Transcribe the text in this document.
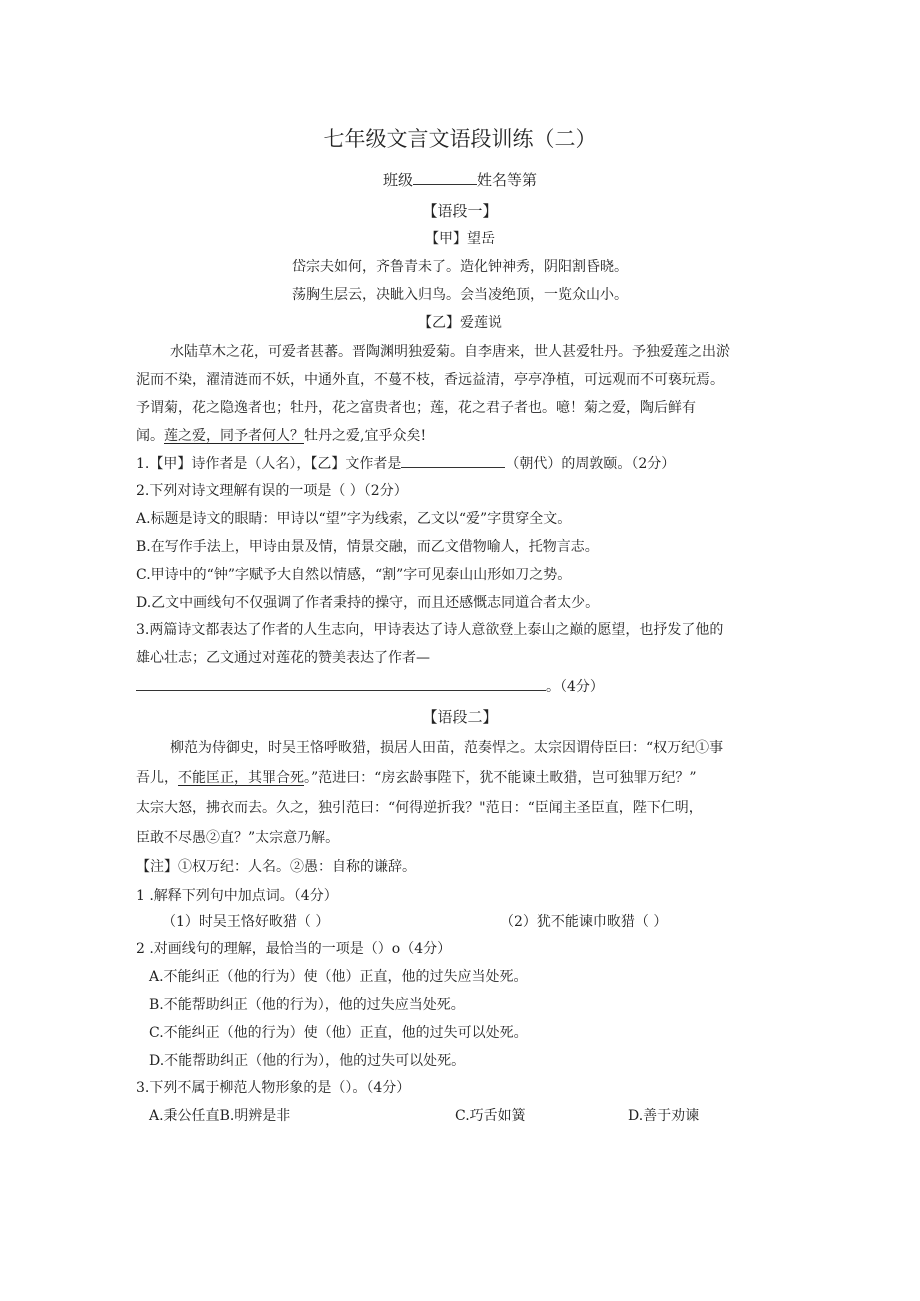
七年级文言文语段训练（二）
班级	姓名等第
【语段一】
【甲】望岳
岱宗夫如何，齐鲁青未了。造化钟神秀，阴阳割昏晓。
荡胸生层云，决眦入归鸟。会当凌绝顶，一览众山小。
【乙】爱莲说
水陆草木之花，可爱者甚蕃。晋陶渊明独爱菊。自李唐来，世人甚爱牡丹。予独爱莲之出淤
泥而不染，濯清涟而不妖，中通外直，不蔓不枝，香远益清，亭亭净植，可远观而不可亵玩焉。
予谓菊，花之隐逸者也；牡丹，花之富贵者也；莲，花之君子者也。噫！菊之爱，陶后鲜有
闻。莲之爱，同予者何人？牡丹之爱,宜乎众矣!
1.【甲】诗作者是（人名），【乙】文作者是	（朝代）的周敦颐。（2分）
2.下列对诗文理解有误的一项是（ ）（2分）
A.标题是诗文的眼睛：甲诗以“望”字为线索，乙文以“爱”字贯穿全文。
B.在写作手法上，甲诗由景及情，情景交融，而乙文借物喻人，托物言志。
C.甲诗中的“钟”字赋予大自然以情感，“割”字可见泰山山形如刀之势。
D.乙文中画线句不仅强调了作者秉持的操守，而且还感慨志同道合者太少。
3.两篇诗文都表达了作者的人生志向，甲诗表达了诗人意欲登上泰山之巅的愿望，也抒发了他的
雄心壮志；乙文通过对莲花的赞美表达了作者—
。（4分）
【语段二】
柳范为侍御史，时吴王恪呼畋猎，损居人田苗，范奏悍之。太宗因谓侍臣曰：“权万纪①事
吾儿，不能匡正，其罪合死。”范进曰：“房玄龄事陛下，犹不能谏土畋猎，岂可独罪万纪？”
太宗大怒，拂衣而去。久之，独引范曰：“何得逆折我？"范日：“臣闻主圣臣直，陛下仁明，
臣敢不尽愚②直？”太宗意乃解。
【注】①权万纪：人名。②愚：自称的谦辞。
1 .解释下列句中加点词。（4分）
（1）时吴王恪好畋猎（ ）	（2）犹不能谏巾畋猎（ ）
2 .对画线句的理解，最恰当的一项是（）o（4分）
A.不能纠正（他的行为）使（他）正直，他的过失应当处死。
B.不能帮助纠正（他的行为），他的过失应当处死。
C.不能纠正（他的行为）使（他）正直，他的过失可以处死。
D.不能帮助纠正（他的行为），他的过失可以处死。
3.下列不属于柳范人物形象的是（）。（4分）
A.秉公任直B.明辨是非	C.巧舌如簧	D.善于劝谏
